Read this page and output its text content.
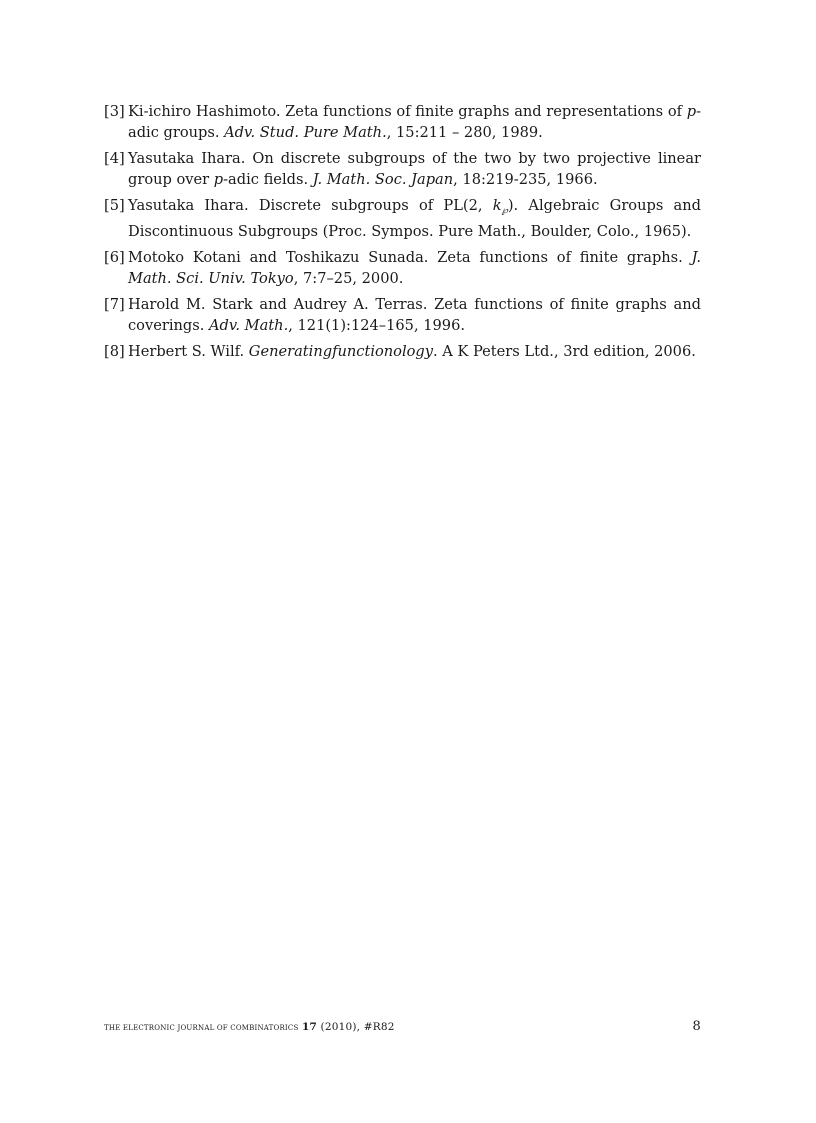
[3] Ki-ichiro Hashimoto. Zeta functions of finite graphs and representations of p-adic groups. Adv. Stud. Pure Math., 15:211 – 280, 1989.
[4] Yasutaka Ihara. On discrete subgroups of the two by two projective linear group over p-adic fields. J. Math. Soc. Japan, 18:219-235, 1966.
[5] Yasutaka Ihara. Discrete subgroups of PL(2, $k_℘$). Algebraic Groups and Discontinuous Subgroups (Proc. Sympos. Pure Math., Boulder, Colo., 1965).
[6] Motoko Kotani and Toshikazu Sunada. Zeta functions of finite graphs. J. Math. Sci. Univ. Tokyo, 7:7–25, 2000.
[7] Harold M. Stark and Audrey A. Terras. Zeta functions of finite graphs and coverings. Adv. Math., 121(1):124–165, 1996.
[8] Herbert S. Wilf. Generatingfunctionology. A K Peters Ltd., 3rd edition, 2006.
the electronic journal of combinatorics 17 (2010), #R82	8
